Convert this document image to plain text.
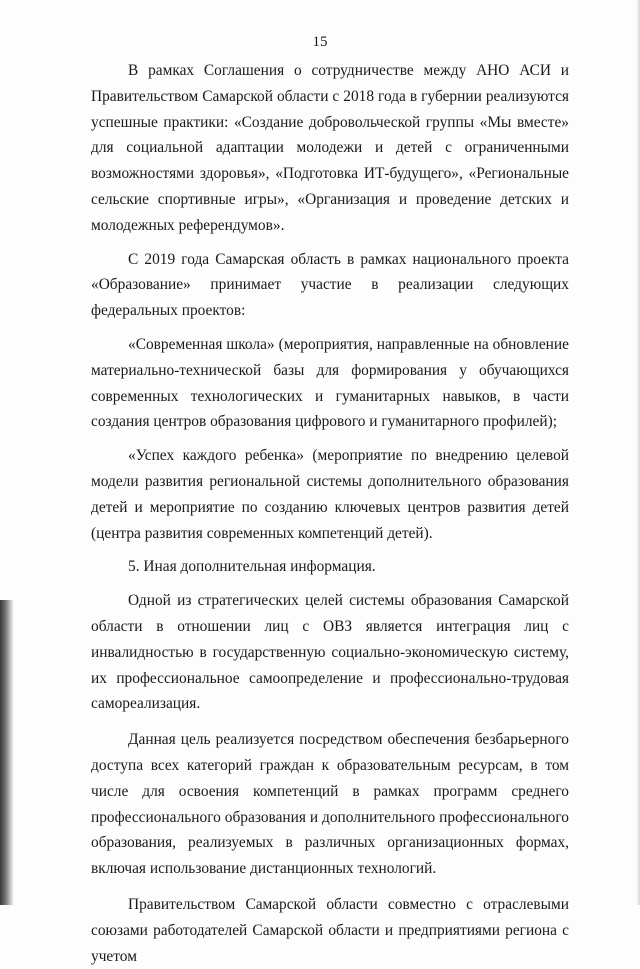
15

В рамках Соглашения о сотрудничестве между АНО АСИ и Правительством Самарской области с 2018 года в губернии реализуются успешные практики: «Создание добровольческой группы «Мы вместе» для социальной адаптации молодежи и детей с ограниченными возможностями здоровья», «Подготовка ИТ-будущего», «Региональные сельские спортивные игры», «Организация и проведение детских и молодежных референдумов».

С 2019 года Самарская область в рамках национального проекта «Образование» принимает участие в реализации следующих федеральных проектов:

«Современная школа» (мероприятия, направленные на обновление материально-технической базы для формирования у обучающихся современных технологических и гуманитарных навыков, в части создания центров образования цифрового и гуманитарного профилей);

«Успех каждого ребенка» (мероприятие по внедрению целевой модели развития региональной системы дополнительного образования детей и мероприятие по созданию ключевых центров развития детей (центра развития современных компетенций детей).

5. Иная дополнительная информация.

Одной из стратегических целей системы образования Самарской области в отношении лиц с ОВЗ является интеграция лиц с инвалидностью в государственную социально-экономическую систему, их профессиональное самоопределение и профессионально-трудовая самореализация.

Данная цель реализуется посредством обеспечения безбарьерного доступа всех категорий граждан к образовательным ресурсам, в том числе для освоения компетенций в рамках программ среднего профессионального образования и дополнительного профессионального образования, реализуемых в различных организационных формах, включая использование дистанционных технологий.

Правительством Самарской области совместно с отраслевыми союзами работодателей Самарской области и предприятиями региона с учетом
